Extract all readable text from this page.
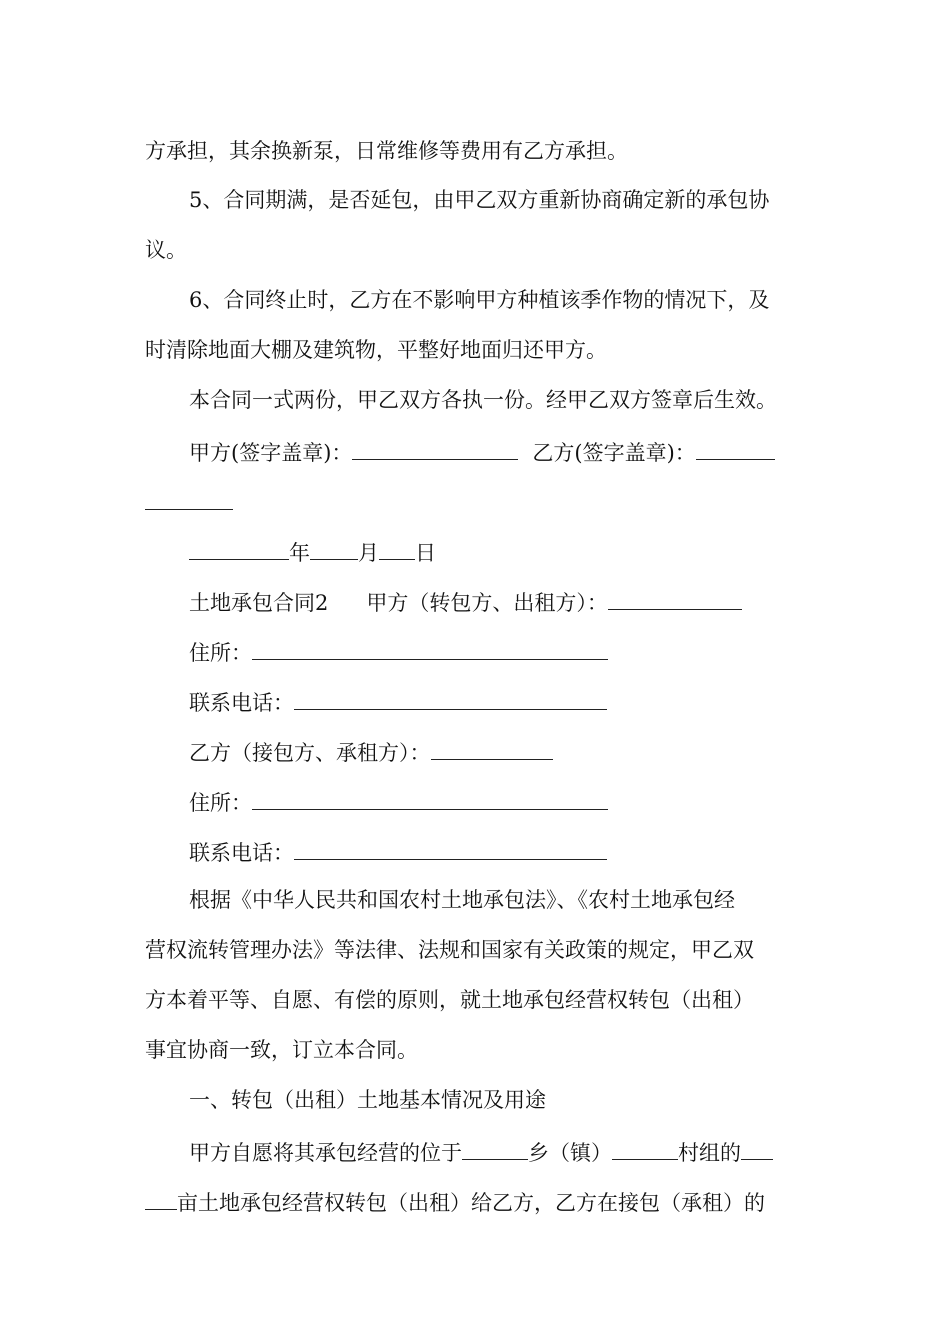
方承担，其余换新泵，日常维修等费用有乙方承担。
5、合同期满，是否延包，由甲乙双方重新协商确定新的承包协
议。
6、合同终止时，乙方在不影响甲方种植该季作物的情况下，及
时清除地面大棚及建筑物，平整好地面归还甲方。
本合同一式两份，甲乙双方各执一份。经甲乙双方签章后生效。
甲方(签字盖章)：	乙方(签字盖章)：
年 月 日
土地承包合同2 甲方（转包方、出租方）：
住所：
联系电话：
乙方（接包方、承租方）：
住所：
联系电话：
根据《中华人民共和国农村土地承包法》、《农村土地承包经
营权流转管理办法》等法律、法规和国家有关政策的规定，甲乙双
方本着平等、自愿、有偿的原则，就土地承包经营权转包（出租）
事宜协商一致，订立本合同。
一、转包（出租）土地基本情况及用途
甲方自愿将其承包经营的位于	乡（镇）	村组的
亩土地承包经营权转包（出租）给乙方，乙方在接包（承租）的
